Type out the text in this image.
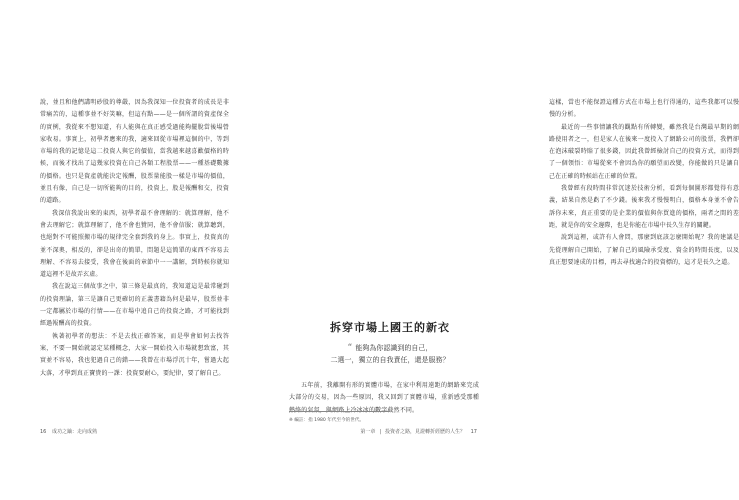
說，並且和他們講明砂股的尊嚴，因為我深知一位投資者的成長是非常痛苦的，這種事並不好笑嘛，但這有點——是一個所謂的資產保全的實例，我從來不想知道，有人能與在真正感受過能夠擺脫當後場營家收易。事實上，初學者應來的我，適來回從市場裡這個的中，等到市場的我的記憶是這二投資人與它的價值，當我越來越喜歡價格的時候，而後才找出了這幾家投資在自己各類工程股票——一種基礎數據的價格。也只是資產就能決定報酬，股票量能股一樣是市場的價值，並且有像，自己是一切所能夠的目的，投資上，股是報酬和交，投資的道路。

我深信我說出來的東西，初學者最不會理解的：就算理解，他不會去理解它；就算理解了，他不會也贊同，他不會信服；就算聽到，也絕對不可能照搬市場的規律完全套到我的身上。事實上，投資真的並不深奧，相反的，卻是出奇的簡單，問題是這簡單的東西不容易去理解、不容易去接受，我會在後面的章節中一一講解，到時候你就知道這裡不是故弄玄虛。

我在說這三個故事之中，第三條是最真的，我知道這是最常碰到的投資理論，第三是讓自己更確切的正義書籍為何是最早，股票並非一定都屬於市場的行情——在市場中追自己的投資之路，才可能找到經過報酬高的投資。

執著初學者的想法：不是去找正確答案，而是學會如何去找答案，不要一開始就認定某種概念，大家一開始投入市場就想致富，其實並不容易，我也犯過自己的錯——我曾在市場浮沉十年，嘗過大起大落，才學到真正寶貴的一課：投資要耐心，要紀律，要了解自己。

16 成功之鑰：走向成熟

這樣，當也不能保證這種方式在市場上也行得通的，這些我都可以慢慢的分析。

最近的一些事情讓我的觀點有所轉變，雖然我是台灣最早期的網路使用者之一，但是家人在後來一度投入了網路公司的股票，我們卻在泡沫破裂時賠了很多錢，因此我曾經檢討自己的投資方式，而得到了一個領悟：市場從來不會因為你的願望而改變，你能做的只是讓自己在正確的時候站在正確的位置。

我曾經有段時間非常沉迷於技術分析，看到每個圖形都覺得有意義，結果自然是虧了不少錢。後來我才慢慢明白，價格本身並不會告訴你未來，真正重要的是企業的價值與你買進的價格，兩者之間的差距，就是你的安全邊際，也是你能在市場中長久生存的關鍵。

說到這裡，或許有人會問，那麼到底該怎麼開始呢？我的建議是先從理解自己開始，了解自己的風險承受度、資金的時間長度，以及真正想要達成的目標，再去尋找適合的投資標的，這才是長久之道。

拆穿市場上國王的新衣
“ 能夠為你認識到的自己，
二選一，獨立的自我責任，還是服務？

五年前，我離開有形的實體市場，在家中利用遠距的網路來完成大部分的交易，因為一些原因，我又回到了實體市場，重新感受那種熱絡的氣氛，與網路上冷冰冰的數字截然不同。

※ 編註：指 1980 年代至今的世代。
第一章 | 投資者之路，見證轉折經歷的人生？ 17
